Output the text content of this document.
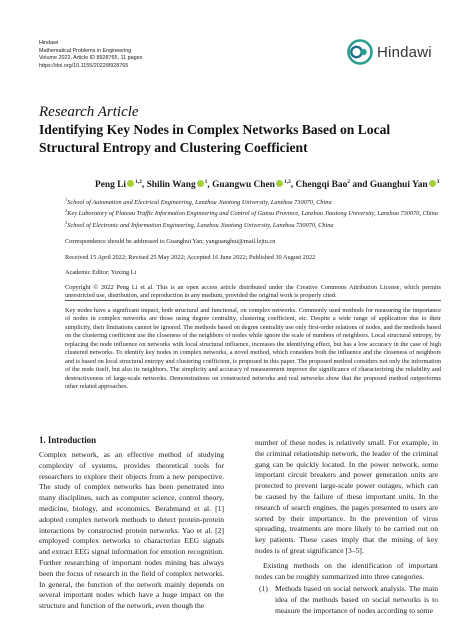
Hindawi
Mathematical Problems in Engineering
Volume 2022, Article ID 8928765, 11 pages
https://doi.org/10.1155/2022/8928765
Hindawi
Research Article
Identifying Key Nodes in Complex Networks Based on Local Structural Entropy and Clustering Coefficient
Peng Li $^{1,2}$, Shilin Wang $^1$, Guangwu Chen $^{1,2}$, Chengqi Bao$^2$ and Guanghui Yan $^3$
$^1$School of Automation and Electrical Engineering, Lanzhou Jiaotong University, Lanzhou 730070, China
$^2$Key Laboratory of Plateau Traffic Information Engineering and Control of Gansu Province, Lanzhou Jiaotong University, Lanzhou 730070, China
$^3$School of Electronic and Information Engineering, Lanzhou Jiaotong University, Lanzhou 730070, China
Correspondence should be addressed to Guanghui Yan; yanguanghui@mail.lzjtu.cn
Received 15 April 2022; Revised 25 May 2022; Accepted 16 June 2022; Published 30 August 2022
Academic Editor: Yuxing Li
Copyright © 2022 Peng Li et al. This is an open access article distributed under the Creative Commons Attribution License, which permits unrestricted use, distribution, and reproduction in any medium, provided the original work is properly cited.
Key nodes have a significant impact, both structural and functional, on complex networks. Commonly used methods for measuring the importance of nodes in complex networks are those using degree centrality, clustering coefficient, etc. Despite a wide range of application due to their simplicity, their limitations cannot be ignored. The methods based on degree centrality use only first-order relations of nodes, and the methods based on the clustering coefficient use the closeness of the neighbors of nodes while ignore the scale of numbers of neighbors. Local structural entropy, by replacing the node influence on networks with local structural influence, increases the identifying effect, but has a low accuracy in the case of high clustered networks. To identify key nodes in complex networks, a novel method, which considers both the influence and the closeness of neighbors and is based on local structural entropy and clustering coefficient, is proposed in this paper. The proposed method considers not only the information of the node itself, but also its neighbors. The simplicity and accuracy of measurement improve the significance of characterizing the reliability and destructiveness of large-scale networks. Demonstrations on constructed networks and real networks show that the proposed method outperforms other related approaches.
1. Introduction

Complex network, as an effective method of studying complexity of systems, provides theoretical tools for researchers to explore their objects from a new perspective. The study of complex networks has been penetrated into many disciplines, such as computer science, control theory, medicine, biology, and economics. Berahmand et al. [1] adopted complex network methods to detect protein-protein interactions by constructed protein networks. Yao et al. [2] employed complex networks to characterize EEG signals and extract EEG signal information for emotion recognition. Further researching of important nodes mining has always been the focus of research in the field of complex networks. In general, the function of the network mainly depends on several important nodes which have a huge impact on the structure and function of the network, even though the

number of these nodes is relatively small. For example, in the criminal relationship network, the leader of the criminal gang can be quickly located. In the power network, some important circuit breakers and power generation units are protected to prevent large-scale power outages, which can be caused by the failure of these important units. In the research of search engines, the pages presented to users are sorted by their importance. In the prevention of virus spreading, treatments are more likely to be carried out on key patients. These cases imply that the mining of key nodes is of great significance [3–5].

Existing methods on the identification of important nodes can be roughly summarized into three categories.

(1) Methods based on social network analysis. The main idea of the methods based on social networks is to measure the importance of nodes according to some
